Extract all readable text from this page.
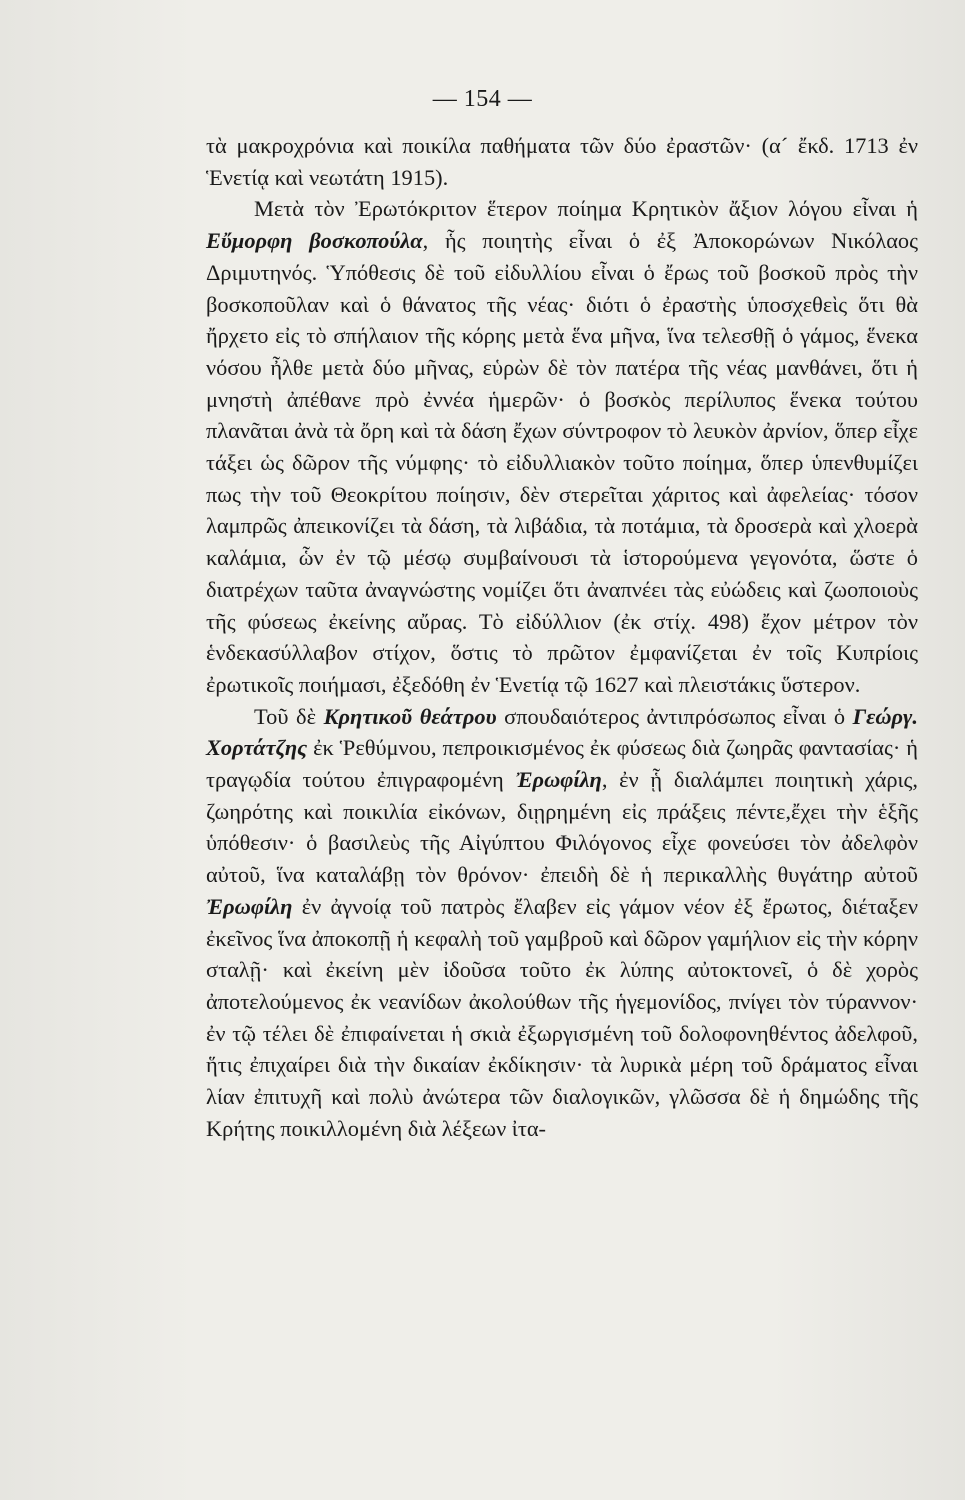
— 154 —

τὰ μακροχρόνια καὶ ποικίλα παθήματα τῶν δύο ἐραστῶν· (α´ ἔκδ. 1713 ἐν Ἑνετίᾳ καὶ νεωτάτη 1915).

Μετὰ τὸν Ἐρωτόκριτον ἕτερον ποίημα Κρητικὸν ἄξιον λόγου εἶναι ἡ Εὔμορφη βοσκοπούλα, ἧς ποιητὴς εἶναι ὁ ἐξ Ἀποκορώνων Νικόλαος Δριμυτηνός. Ὑπόθεσις δὲ τοῦ εἰδυλλίου εἶναι ὁ ἔρως τοῦ βοσκοῦ πρὸς τὴν βοσκοποῦλαν καὶ ὁ θάνατος τῆς νέας· διότι ὁ ἐραστὴς ὑποσχεθεὶς ὅτι θὰ ἤρχετο εἰς τὸ σπήλαιον τῆς κόρης μετὰ ἕνα μῆνα, ἵνα τελεσθῇ ὁ γάμος, ἕνεκα νόσου ἦλθε μετὰ δύο μῆνας, εὑρὼν δὲ τὸν πατέρα τῆς νέας μανθάνει, ὅτι ἡ μνηστὴ ἀπέθανε πρὸ ἐννέα ἡμερῶν· ὁ βοσκὸς περίλυπος ἕνεκα τούτου πλανᾶται ἀνὰ τὰ ὄρη καὶ τὰ δάση ἔχων σύντροφον τὸ λευκὸν ἀρνίον, ὅπερ εἶχε τάξει ὡς δῶρον τῆς νύμφης· τὸ εἰδυλλιακὸν τοῦτο ποίημα, ὅπερ ὑπενθυμίζει πως τὴν τοῦ Θεοκρίτου ποίησιν, δὲν στερεῖται χάριτος καὶ ἀφελείας· τόσον λαμπρῶς ἀπεικονίζει τὰ δάση, τὰ λιβάδια, τὰ ποτάμια, τὰ δροσερὰ καὶ χλοερὰ καλάμια, ὧν ἐν τῷ μέσῳ συμβαίνουσι τὰ ἱστορούμενα γεγονότα, ὥστε ὁ διατρέχων ταῦτα ἀναγνώστης νομίζει ὅτι ἀναπνέει τὰς εὐώδεις καὶ ζωοποιοὺς τῆς φύσεως ἐκείνης αὔρας. Τὸ εἰδύλλιον (ἐκ στίχ. 498) ἔχον μέτρον τὸν ἑνδεκασύλλαβον στίχον, ὅστις τὸ πρῶτον ἐμφανίζεται ἐν τοῖς Κυπρίοις ἐρωτικοῖς ποιήμασι, ἐξεδόθη ἐν Ἑνετίᾳ τῷ 1627 καὶ πλειστάκις ὕστερον.

Τοῦ δὲ Κρητικοῦ θεάτρου σπουδαιότερος ἀντιπρόσωπος εἶναι ὁ Γεώργ. Χορτάτζης ἐκ Ῥεθύμνου, πεπροικισμένος ἐκ φύσεως διὰ ζωηρᾶς φαντασίας· ἡ τραγῳδία τούτου ἐπιγραφομένη Ἐρωφίλη, ἐν ᾗ διαλάμπει ποιητικὴ χάρις, ζωηρότης καὶ ποικιλία εἰκόνων, διῃρημένη εἰς πράξεις πέντε,ἔχει τὴν ἑξῆς ὑπόθεσιν· ὁ βασιλεὺς τῆς Αἰγύπτου Φιλόγονος εἶχε φονεύσει τὸν ἀδελφὸν αὐτοῦ, ἵνα καταλάβῃ τὸν θρόνον· ἐπειδὴ δὲ ἡ περικαλλὴς θυγάτηρ αὐτοῦ Ἐρωφίλη ἐν ἀγνοίᾳ τοῦ πατρὸς ἔλαβεν εἰς γάμον νέον ἐξ ἔρωτος, διέταξεν ἐκεῖνος ἵνα ἀποκοπῇ ἡ κεφαλὴ τοῦ γαμβροῦ καὶ δῶρον γαμήλιον εἰς τὴν κόρην σταλῇ· καὶ ἐκείνη μὲν ἰδοῦσα τοῦτο ἐκ λύπης αὐτοκτονεῖ, ὁ δὲ χορὸς ἀποτελούμενος ἐκ νεανίδων ἀκολούθων τῆς ἡγεμονίδος, πνίγει τὸν τύραννον· ἐν τῷ τέλει δὲ ἐπιφαίνεται ἡ σκιὰ ἐξωργισμένη τοῦ δολοφονηθέντος ἀδελφοῦ, ἥτις ἐπιχαίρει διὰ τὴν δικαίαν ἐκδίκησιν· τὰ λυρικὰ μέρη τοῦ δράματος εἶναι λίαν ἐπιτυχῆ καὶ πολὺ ἀνώτερα τῶν διαλογικῶν, γλῶσσα δὲ ἡ δημώδης τῆς Κρήτης ποικιλλομένη διὰ λέξεων ἰτα-
